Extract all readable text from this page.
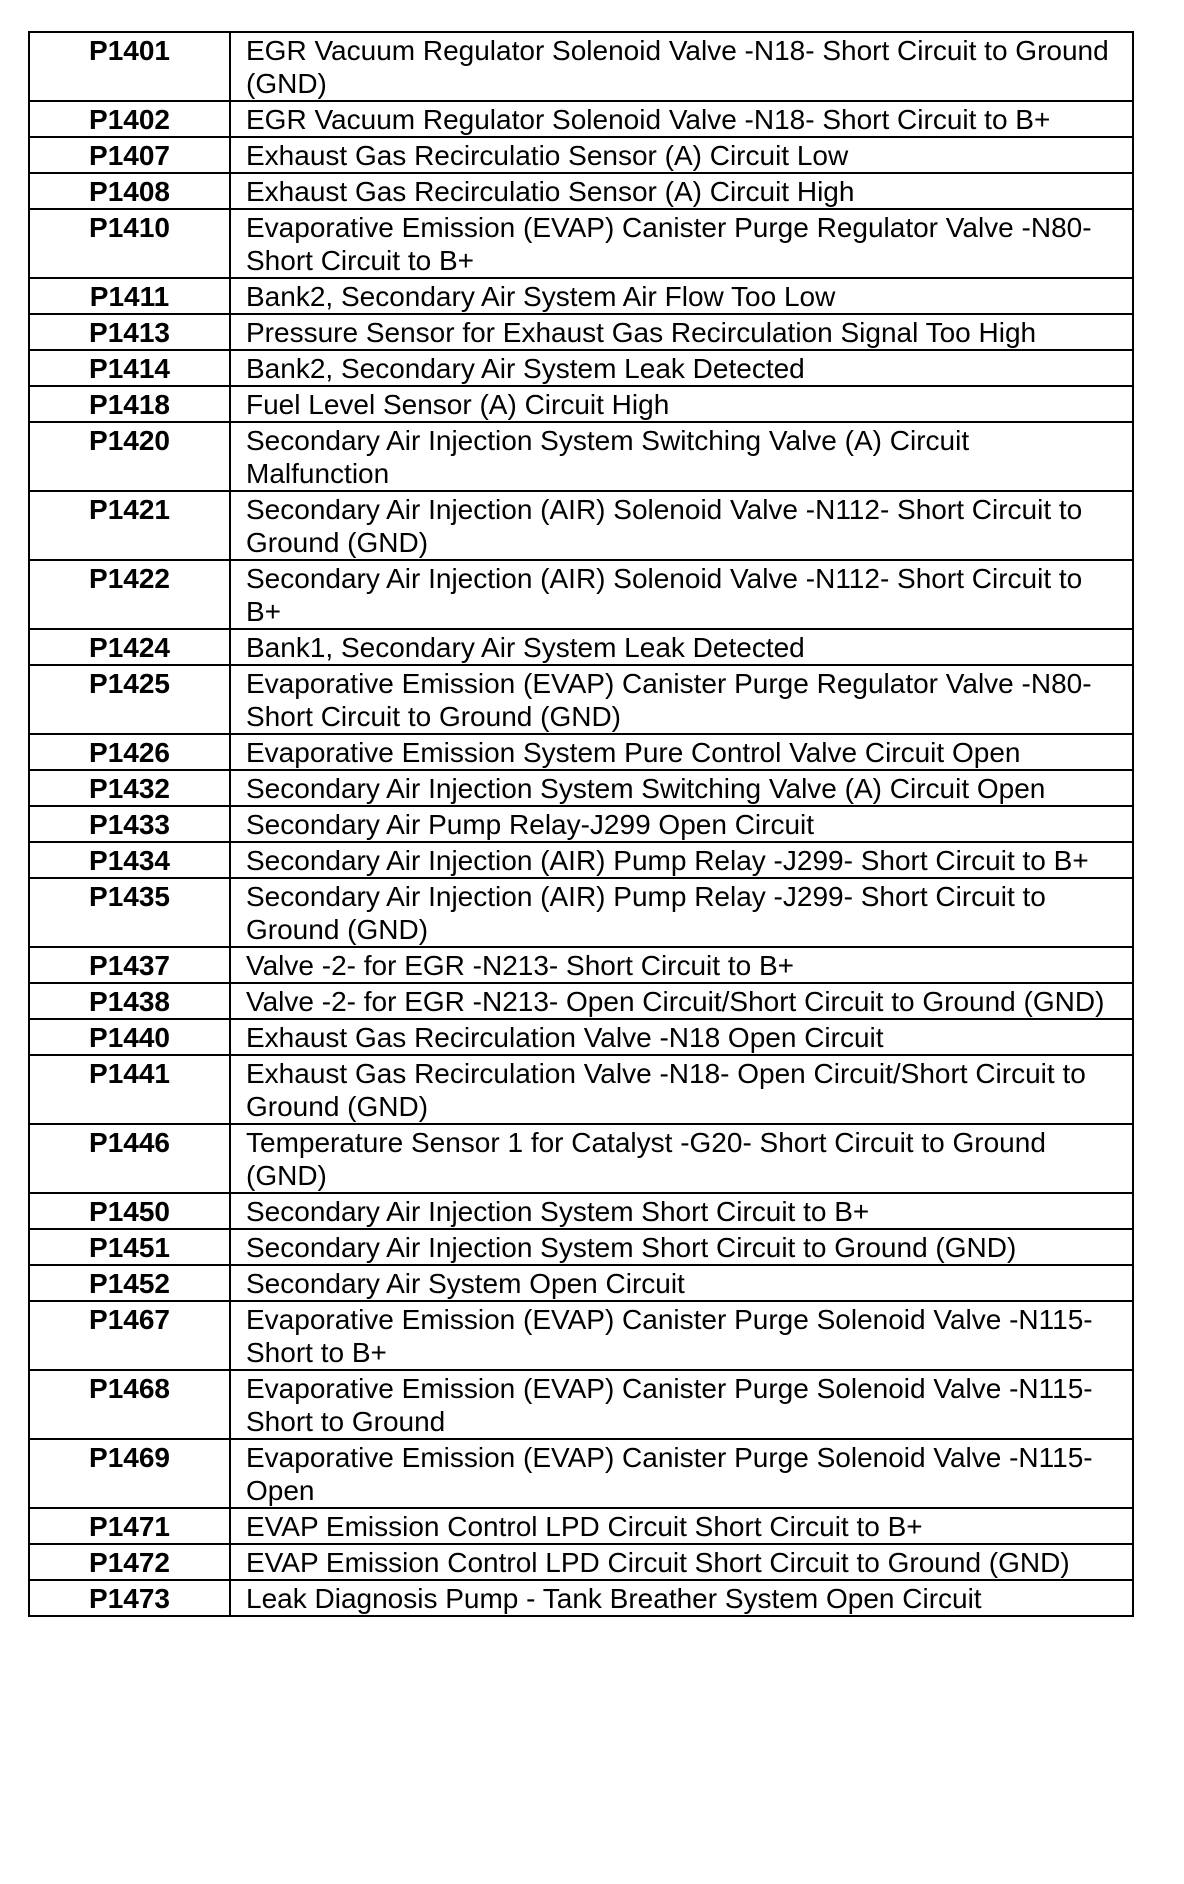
P1401	EGR Vacuum Regulator Solenoid Valve -N18- Short Circuit to Ground (GND)
P1402	EGR Vacuum Regulator Solenoid Valve -N18- Short Circuit to B+
P1407	Exhaust Gas Recirculatio Sensor (A) Circuit Low
P1408	Exhaust Gas Recirculatio Sensor (A) Circuit High
P1410	Evaporative Emission (EVAP) Canister Purge Regulator Valve -N80- Short Circuit to B+
P1411	Bank2, Secondary Air System Air Flow Too Low
P1413	Pressure Sensor for Exhaust Gas Recirculation Signal Too High
P1414	Bank2, Secondary Air System Leak Detected
P1418	Fuel Level Sensor (A) Circuit High
P1420	Secondary Air Injection System Switching Valve (A) Circuit Malfunction
P1421	Secondary Air Injection (AIR) Solenoid Valve -N112- Short Circuit to Ground (GND)
P1422	Secondary Air Injection (AIR) Solenoid Valve -N112- Short Circuit to B+
P1424	Bank1, Secondary Air System Leak Detected
P1425	Evaporative Emission (EVAP) Canister Purge Regulator Valve -N80- Short Circuit to Ground (GND)
P1426	Evaporative Emission System Pure Control Valve Circuit Open
P1432	Secondary Air Injection System Switching Valve (A) Circuit Open
P1433	Secondary Air Pump Relay-J299 Open Circuit
P1434	Secondary Air Injection (AIR) Pump Relay -J299- Short Circuit to B+
P1435	Secondary Air Injection (AIR) Pump Relay -J299- Short Circuit to Ground (GND)
P1437	Valve -2- for EGR -N213- Short Circuit to B+
P1438	Valve -2- for EGR -N213- Open Circuit/Short Circuit to Ground (GND)
P1440	Exhaust Gas Recirculation Valve -N18 Open Circuit
P1441	Exhaust Gas Recirculation Valve -N18- Open Circuit/Short Circuit to Ground (GND)
P1446	Temperature Sensor 1 for Catalyst -G20- Short Circuit to Ground (GND)
P1450	Secondary Air Injection System Short Circuit to B+
P1451	Secondary Air Injection System Short Circuit to Ground (GND)
P1452	Secondary Air System Open Circuit
P1467	Evaporative Emission (EVAP) Canister Purge Solenoid Valve -N115- Short to B+
P1468	Evaporative Emission (EVAP) Canister Purge Solenoid Valve -N115- Short to Ground
P1469	Evaporative Emission (EVAP) Canister Purge Solenoid Valve -N115- Open
P1471	EVAP Emission Control LPD Circuit Short Circuit to B+
P1472	EVAP Emission Control LPD Circuit Short Circuit to Ground (GND)
P1473	Leak Diagnosis Pump - Tank Breather System Open Circuit
